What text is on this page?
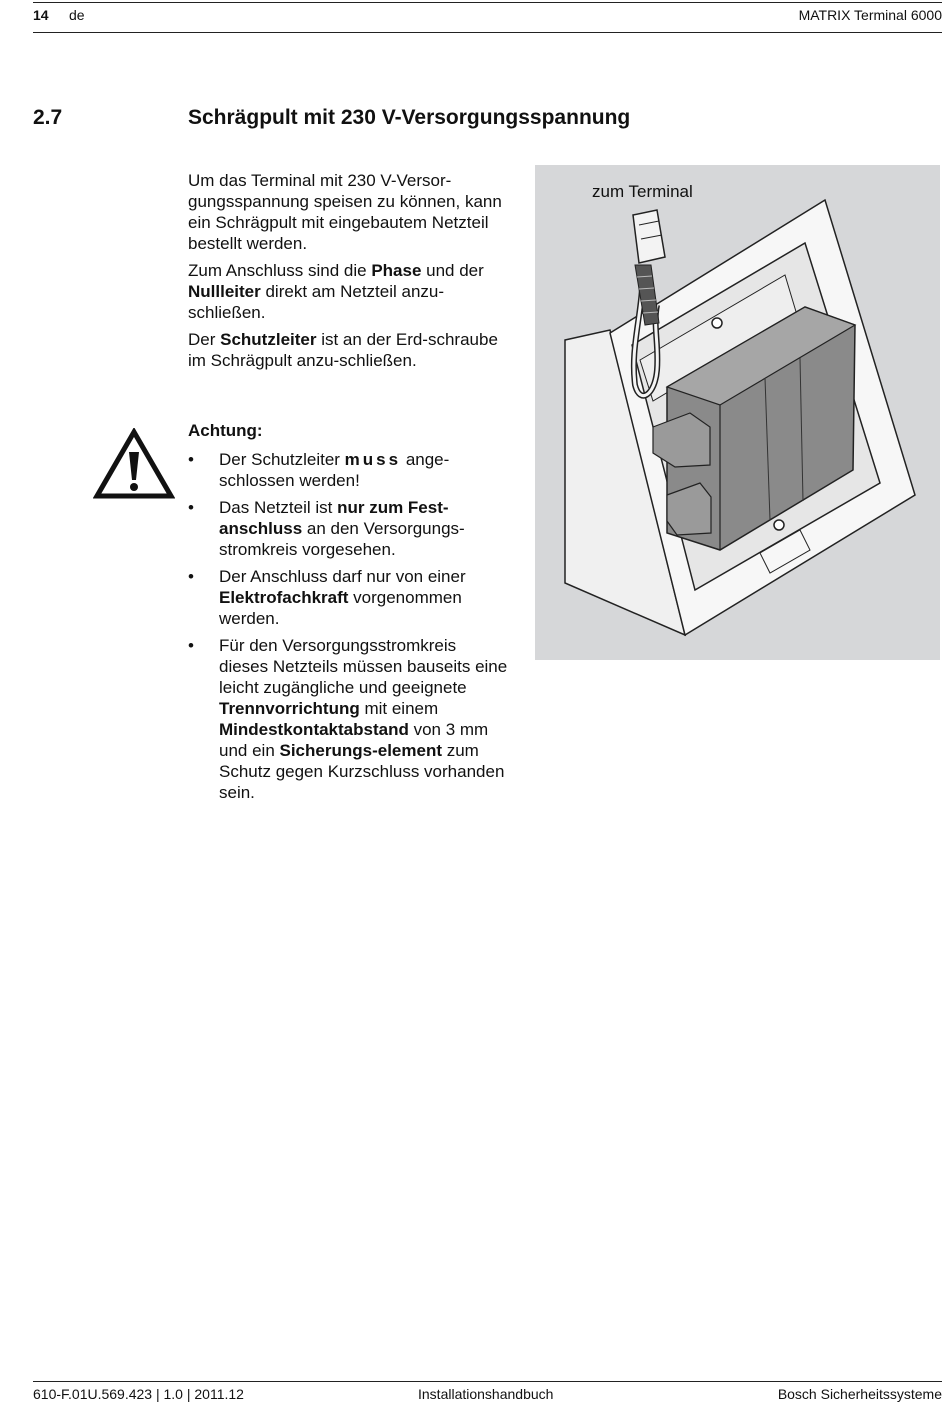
14 de	MATRIX Terminal 6000
2.7	Schrägpult mit 230 V-Versorgungsspannung

Um das Terminal mit 230 V-Versor-gungsspannung speisen zu können, kann ein Schrägpult mit eingebautem Netzteil bestellt werden.

Zum Anschluss sind die Phase und der Nullleiter direkt am Netzteil anzu-schließen.

Der Schutzleiter ist an der Erd-schraube im Schrägpult anzu-schließen.

Achtung:
• Der Schutzleiter muss ange-schlossen werden!
• Das Netzteil ist nur zum Fest-anschluss an den Versorgungs-stromkreis vorgesehen.
• Der Anschluss darf nur von einer Elektrofachkraft vorgenommen werden.
• Für den Versorgungsstromkreis dieses Netzteils müssen bauseits eine leicht zugängliche und geeignete Trennvorrichtung mit einem Mindestkontaktabstand von 3 mm und ein Sicherungs-element zum Schutz gegen Kurzschluss vorhanden sein.
zum Terminal
610-F.01U.569.423 | 1.0 | 2011.12	Installationshandbuch	Bosch Sicherheitssysteme
